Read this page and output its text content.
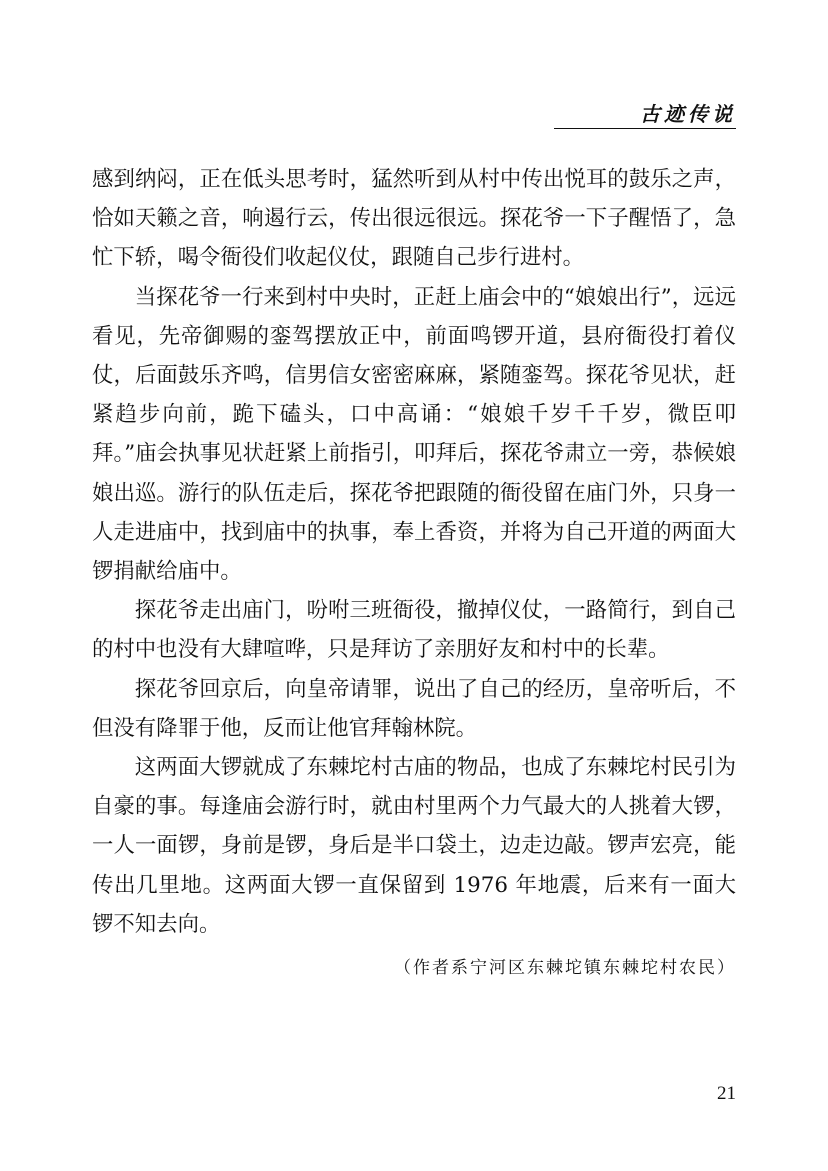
古迹传说

感到纳闷，正在低头思考时，猛然听到从村中传出悦耳的鼓乐之声，恰如天籁之音，响遏行云，传出很远很远。探花爷一下子醒悟了，急忙下轿，喝令衙役们收起仪仗，跟随自己步行进村。

当探花爷一行来到村中央时，正赶上庙会中的“娘娘出行”，远远看见，先帝御赐的銮驾摆放正中，前面鸣锣开道，县府衙役打着仪仗，后面鼓乐齐鸣，信男信女密密麻麻，紧随銮驾。探花爷见状，赶紧趋步向前，跪下磕头，口中高诵：“娘娘千岁千千岁，微臣叩拜。”庙会执事见状赶紧上前指引，叩拜后，探花爷肃立一旁，恭候娘娘出巡。游行的队伍走后，探花爷把跟随的衙役留在庙门外，只身一人走进庙中，找到庙中的执事，奉上香资，并将为自己开道的两面大锣捐献给庙中。

探花爷走出庙门，吩咐三班衙役，撤掉仪仗，一路简行，到自己的村中也没有大肆喧哗，只是拜访了亲朋好友和村中的长辈。

探花爷回京后，向皇帝请罪，说出了自己的经历，皇帝听后，不但没有降罪于他，反而让他官拜翰林院。

这两面大锣就成了东棘坨村古庙的物品，也成了东棘坨村民引为自豪的事。每逢庙会游行时，就由村里两个力气最大的人挑着大锣，一人一面锣，身前是锣，身后是半口袋土，边走边敲。锣声宏亮，能传出几里地。这两面大锣一直保留到 1976 年地震，后来有一面大锣不知去向。

（作者系宁河区东棘坨镇东棘坨村农民）
21
